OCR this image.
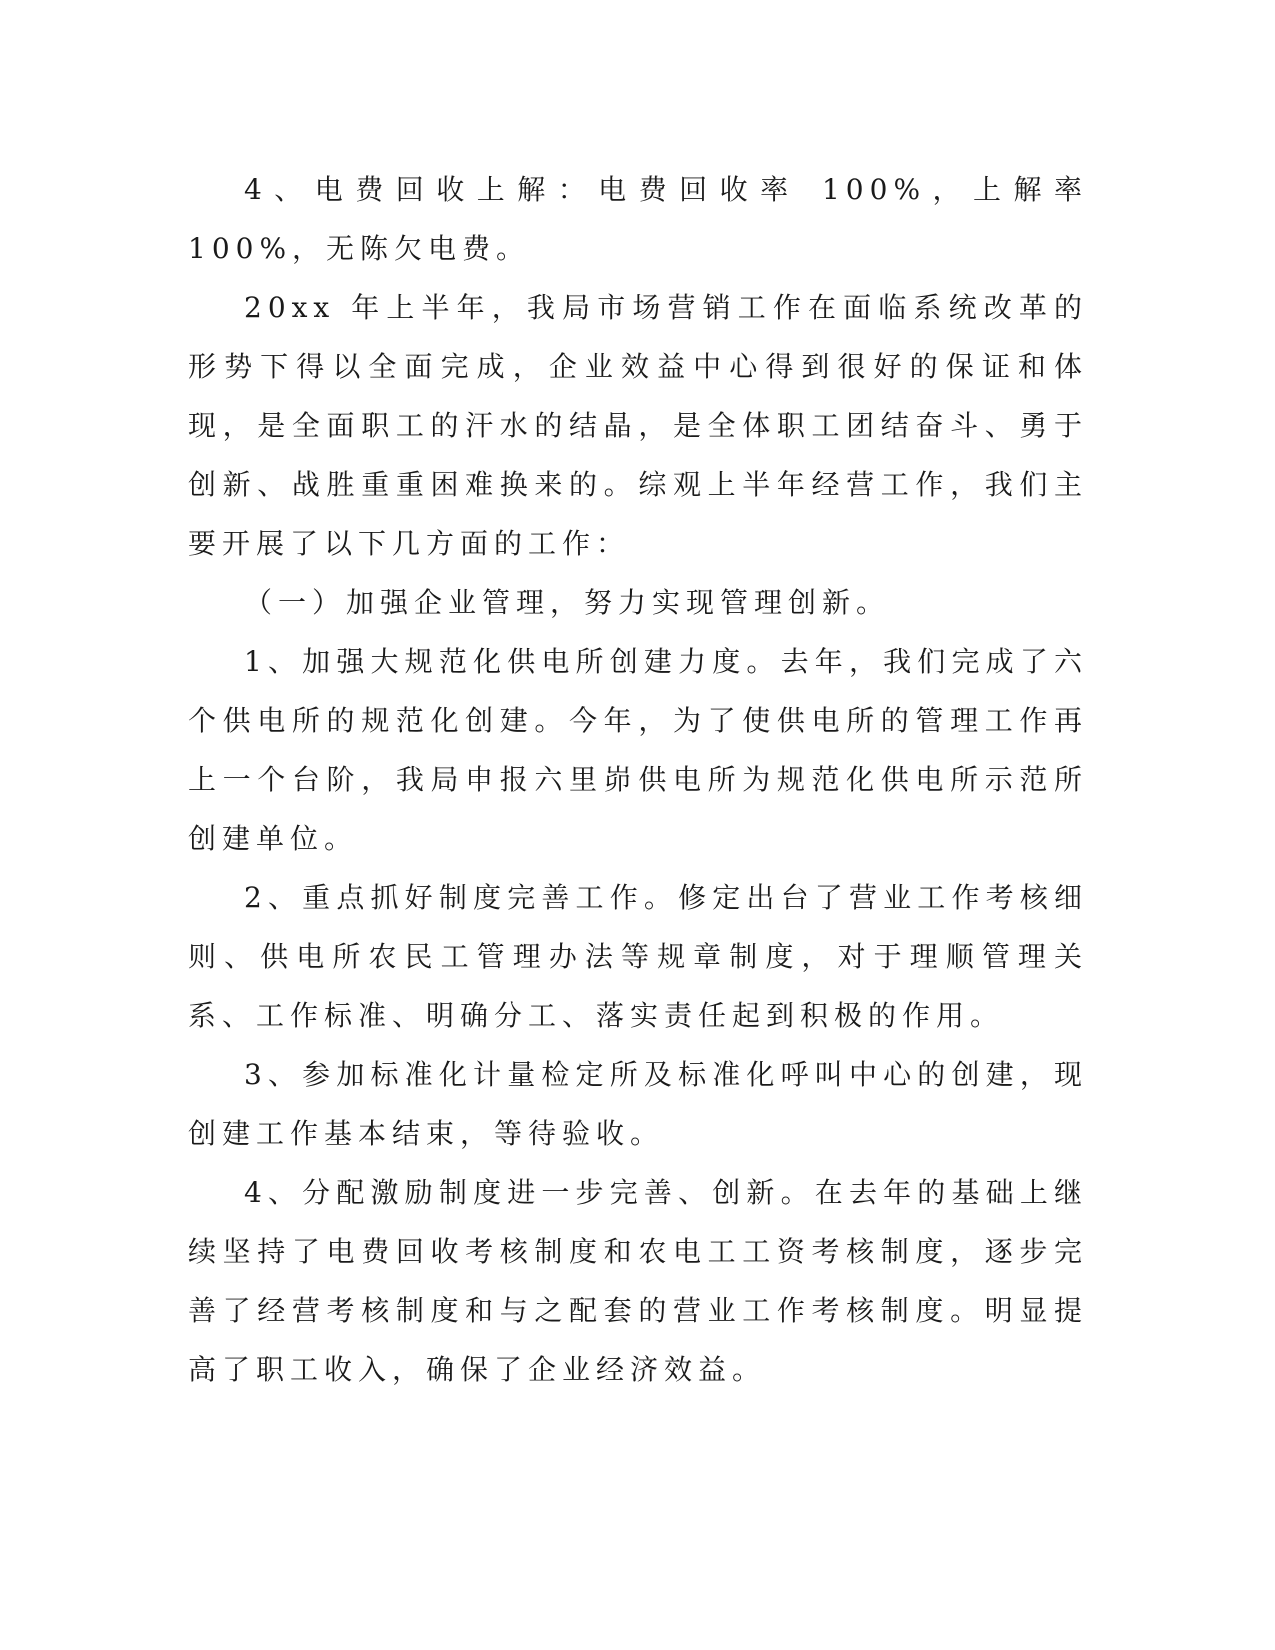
4、电费回收上解：电费回收率 100%，上解率 100%，无陈欠电费。

20xx 年上半年，我局市场营销工作在面临系统改革的形势下得以全面完成，企业效益中心得到很好的保证和体现，是全面职工的汗水的结晶，是全体职工团结奋斗、勇于创新、战胜重重困难换来的。综观上半年经营工作，我们主要开展了以下几方面的工作：

（一）加强企业管理，努力实现管理创新。

1、加强大规范化供电所创建力度。去年，我们完成了六个供电所的规范化创建。今年，为了使供电所的管理工作再上一个台阶，我局申报六里峁供电所为规范化供电所示范所创建单位。

2、重点抓好制度完善工作。修定出台了营业工作考核细则、供电所农民工管理办法等规章制度，对于理顺管理关系、工作标准、明确分工、落实责任起到积极的作用。

3、参加标准化计量检定所及标准化呼叫中心的创建，现创建工作基本结束，等待验收。

4、分配激励制度进一步完善、创新。在去年的基础上继续坚持了电费回收考核制度和农电工工资考核制度，逐步完善了经营考核制度和与之配套的营业工作考核制度。明显提高了职工收入，确保了企业经济效益。
